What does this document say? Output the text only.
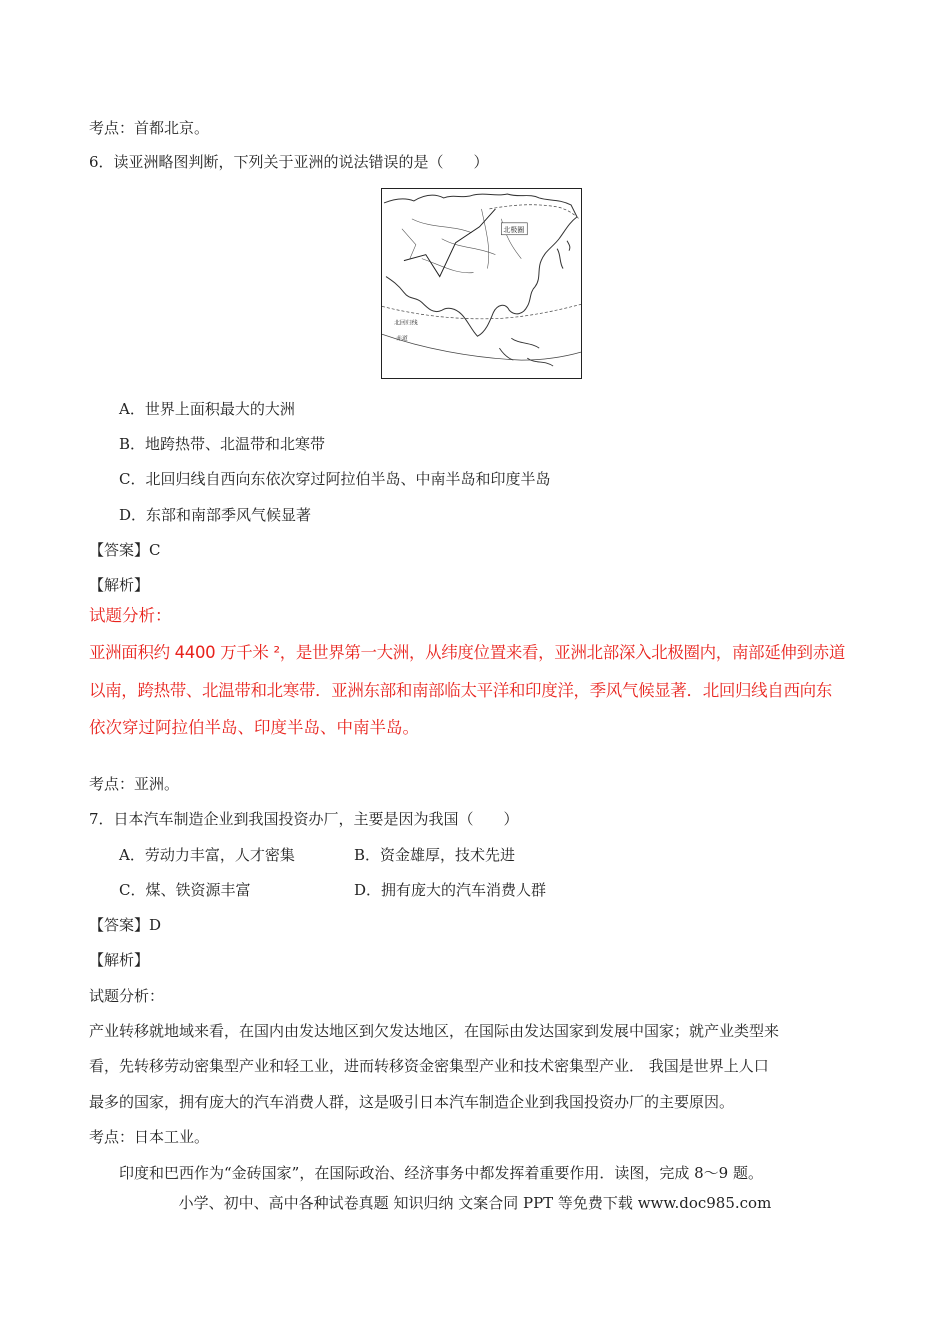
考点：首都北京。
6．读亚洲略图判断，下列关于亚洲的说法错误的是（　　）
北极圈
北回归线
赤道
A．世界上面积最大的大洲
B．地跨热带、北温带和北寒带
C．北回归线自西向东依次穿过阿拉伯半岛、中南半岛和印度半岛
D．东部和南部季风气候显著
【答案】C
【解析】
试题分析：
亚洲面积约 4400 万千米 ²，是世界第一大洲，从纬度位置来看，亚洲北部深入北极圈内，南部延伸到赤道
以南，跨热带、北温带和北寒带．亚洲东部和南部临太平洋和印度洋，季风气候显著．北回归线自西向东
依次穿过阿拉伯半岛、印度半岛、中南半岛。
考点：亚洲。
7．日本汽车制造企业到我国投资办厂，主要是因为我国（　　）
A．劳动力丰富，人才密集	B．资金雄厚，技术先进
C．煤、铁资源丰富	D．拥有庞大的汽车消费人群
【答案】D
【解析】
试题分析：
产业转移就地域来看，在国内由发达地区到欠发达地区，在国际由发达国家到发展中国家；就产业类型来
看，先转移劳动密集型产业和轻工业，进而转移资金密集型产业和技术密集型产业． 我国是世界上人口
最多的国家，拥有庞大的汽车消费人群，这是吸引日本汽车制造企业到我国投资办厂的主要原因。
考点：日本工业。
印度和巴西作为“金砖国家”，在国际政治、经济事务中都发挥着重要作用．读图，完成 8～9 题。
小学、初中、高中各种试卷真题 知识归纳 文案合同 PPT 等免费下载 www.doc985.com
